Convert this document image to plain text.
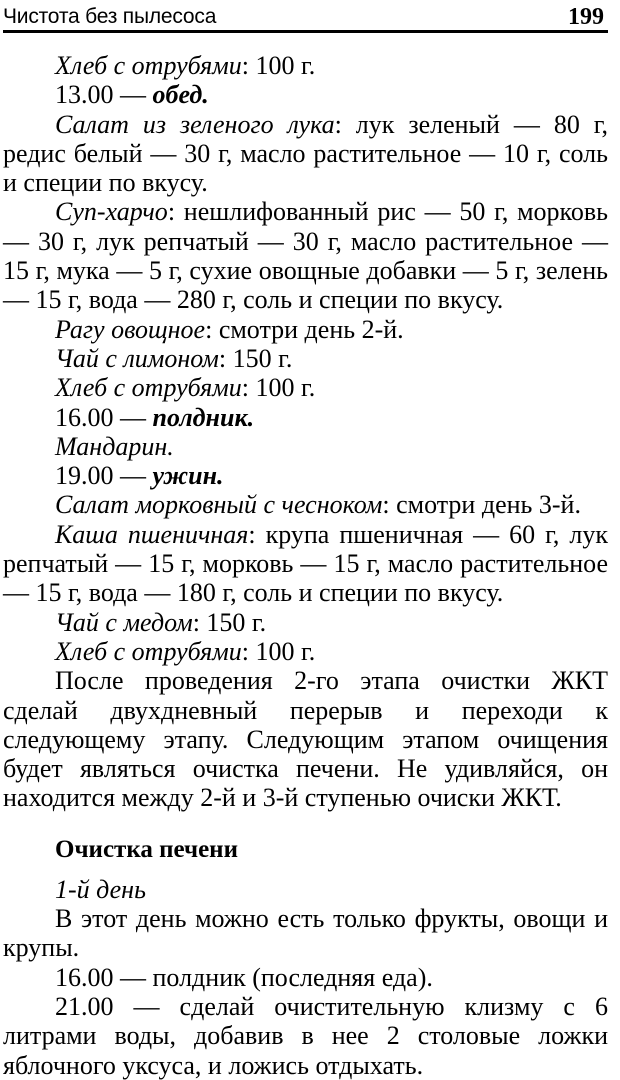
Чистота без пылесоса	199

Хлеб с отрубями: 100 г.

13.00 — обед.

Салат из зеленого лука: лук зеленый — 80 г, редис белый — 30 г, масло растительное — 10 г, соль и специи по вкусу.

Суп-харчо: нешлифованный рис — 50 г, морковь — 30 г, лук репчатый — 30 г, масло растительное — 15 г, мука — 5 г, сухие овощные добавки — 5 г, зелень — 15 г, вода — 280 г, соль и специи по вкусу.

Рагу овощное: смотри день 2-й.

Чай с лимоном: 150 г.

Хлеб с отрубями: 100 г.

16.00 — полдник.

Мандарин.

19.00 — ужин.

Салат морковный с чесноком: смотри день 3-й.

Каша пшеничная: крупа пшеничная — 60 г, лук репчатый — 15 г, морковь — 15 г, масло растительное — 15 г, вода — 180 г, соль и специи по вкусу.

Чай с медом: 150 г.

Хлеб с отрубями: 100 г.

После проведения 2-го этапа очистки ЖКТ сделай двухдневный перерыв и переходи к следующему этапу. Следующим этапом очищения будет являться очистка печени. Не удивляйся, он находится между 2-й и 3-й ступенью очиски ЖКТ.

Очистка печени

1-й день

В этот день можно есть только фрукты, овощи и крупы.

16.00 — полдник (последняя еда).

21.00 — сделай очистительную клизму с 6 литрами воды, добавив в нее 2 столовые ложки яблочного уксуса, и ложись отдыхать.
